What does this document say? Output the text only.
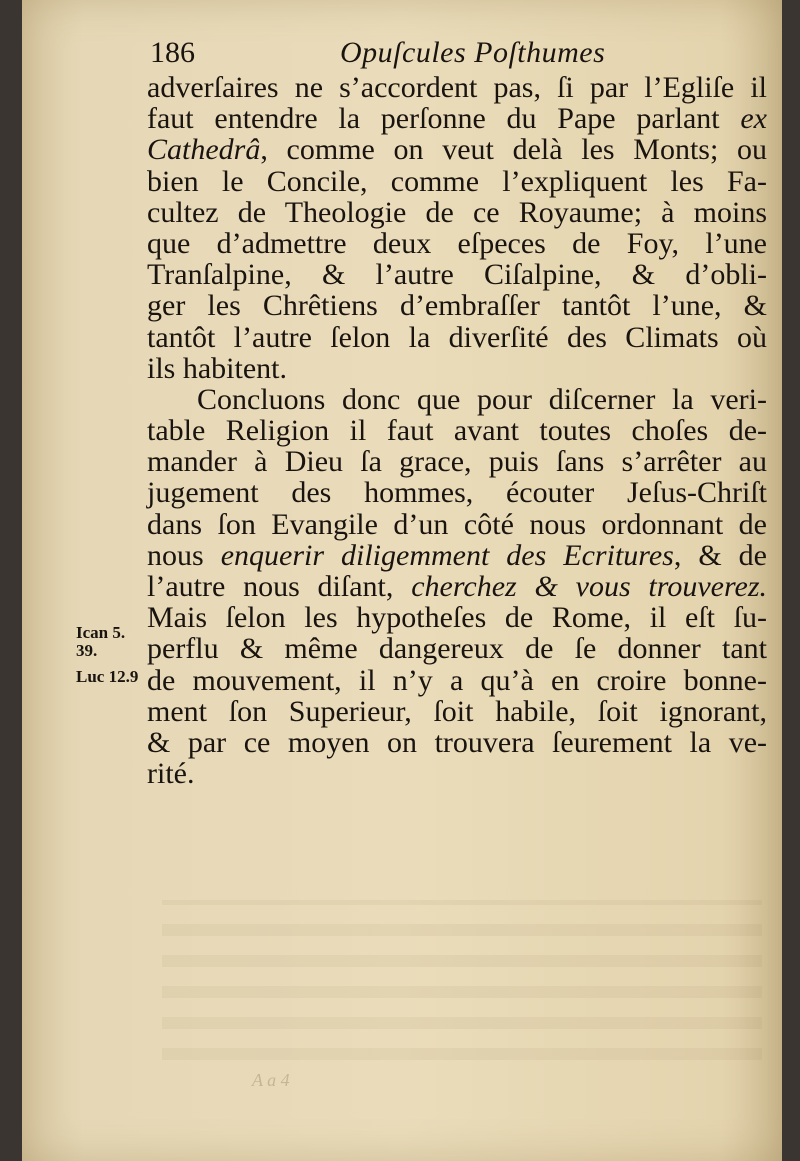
186	Opuſcules Poſthumes
Ican 5.
39.
Luc 12.9
adverſaires ne s’accordent pas, ſi par l’Egliſe il
faut entendre la perſonne du Pape parlant ex
Cathedrâ, comme on veut delà les Monts; ou
bien le Concile, comme l’expliquent les Fa-
cultez de Theologie de ce Royaume; à moins
que d’admettre deux eſpeces de Foy, l’une
Tranſalpine, & l’autre Ciſalpine, & d’obli-
ger les Chrêtiens d’embraſſer tantôt l’une, &
tantôt l’autre ſelon la diverſité des Climats où
ils habitent.
Concluons donc que pour diſcerner la veri-
table Religion il faut avant toutes choſes de-
mander à Dieu ſa grace, puis ſans s’arrêter au
jugement des hommes, écouter Jeſus-Chriſt
dans ſon Evangile d’un côté nous ordonnant de
nous enquerir diligemment des Ecritures, & de
l’autre nous diſant, cherchez & vous trouverez.
Mais ſelon les hypotheſes de Rome, il eſt ſu-
perflu & même dangereux de ſe donner tant
de mouvement, il n’y a qu’à en croire bonne-
ment ſon Superieur, ſoit habile, ſoit ignorant,
& par ce moyen on trouvera ſeurement la ve-
rité.
A a 4
